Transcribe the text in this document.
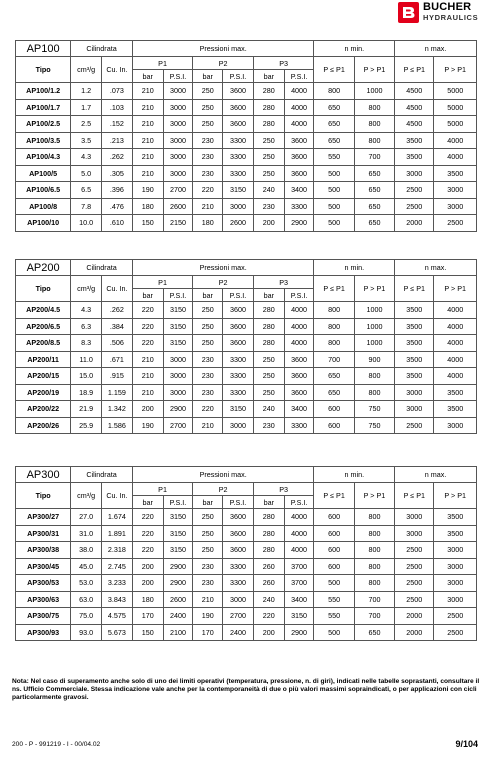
BUCHER
HYDRAULICS
AP100	Cilindrata		Pressioni max.						n min.		n max.	
Tipo	cm³/g	Cu. In.	P1		P2		P3		P ≤ P1	P > P1	P ≤ P1	P > P1
			bar	P.S.I.	bar	P.S.I.	bar	P.S.I.				
AP100/1.2	1.2	.073	210	3000	250	3600	280	4000	800	1000	4500	5000
AP100/1.7	1.7	.103	210	3000	250	3600	280	4000	650	800	4500	5000
AP100/2.5	2.5	.152	210	3000	250	3600	280	4000	650	800	4500	5000
AP100/3.5	3.5	.213	210	3000	230	3300	250	3600	650	800	3500	4000
AP100/4.3	4.3	.262	210	3000	230	3300	250	3600	550	700	3500	4000
AP100/5	5.0	.305	210	3000	230	3300	250	3600	500	650	3000	3500
AP100/6.5	6.5	.396	190	2700	220	3150	240	3400	500	650	2500	3000
AP100/8	7.8	.476	180	2600	210	3000	230	3300	500	650	2500	3000
AP100/10	10.0	.610	150	2150	180	2600	200	2900	500	650	2000	2500
AP200	Cilindrata		Pressioni max.						n min.		n max.	
Tipo	cm³/g	Cu. In.	P1		P2		P3		P ≤ P1	P > P1	P ≤ P1	P > P1
			bar	P.S.I.	bar	P.S.I.	bar	P.S.I.				
AP200/4.5	4.3	.262	220	3150	250	3600	280	4000	800	1000	3500	4000
AP200/6.5	6.3	.384	220	3150	250	3600	280	4000	800	1000	3500	4000
AP200/8.5	8.3	.506	220	3150	250	3600	280	4000	800	1000	3500	4000
AP200/11	11.0	.671	210	3000	230	3300	250	3600	700	900	3500	4000
AP200/15	15.0	.915	210	3000	230	3300	250	3600	650	800	3500	4000
AP200/19	18.9	1.159	210	3000	230	3300	250	3600	650	800	3000	3500
AP200/22	21.9	1.342	200	2900	220	3150	240	3400	600	750	3000	3500
AP200/26	25.9	1.586	190	2700	210	3000	230	3300	600	750	2500	3000
AP300	Cilindrata		Pressioni max.						n min.		n max.	
Tipo	cm³/g	Cu. In.	P1		P2		P3		P ≤ P1	P > P1	P ≤ P1	P > P1
			bar	P.S.I.	bar	P.S.I.	bar	P.S.I.				
AP300/27	27.0	1.674	220	3150	250	3600	280	4000	600	800	3000	3500
AP300/31	31.0	1.891	220	3150	250	3600	280	4000	600	800	3000	3500
AP300/38	38.0	2.318	220	3150	250	3600	280	4000	600	800	2500	3000
AP300/45	45.0	2.745	200	2900	230	3300	260	3700	600	800	2500	3000
AP300/53	53.0	3.233	200	2900	230	3300	260	3700	500	800	2500	3000
AP300/63	63.0	3.843	180	2600	210	3000	240	3400	550	700	2500	3000
AP300/75	75.0	4.575	170	2400	190	2700	220	3150	550	700	2000	2500
AP300/93	93.0	5.673	150	2100	170	2400	200	2900	500	650	2000	2500
Nota: Nel caso di superamento anche solo di uno dei limiti operativi (temperatura, pressione, n. di giri), indicati nelle tabelle soprastanti, consultare il ns. Ufficio Commerciale. Stessa indicazione vale anche per la contemporaneità di due o più valori massimi sopraindicati, o per applicazioni con cicli particolarmente gravosi.
200 - P - 991219 - I - 00/04.02	9/104
